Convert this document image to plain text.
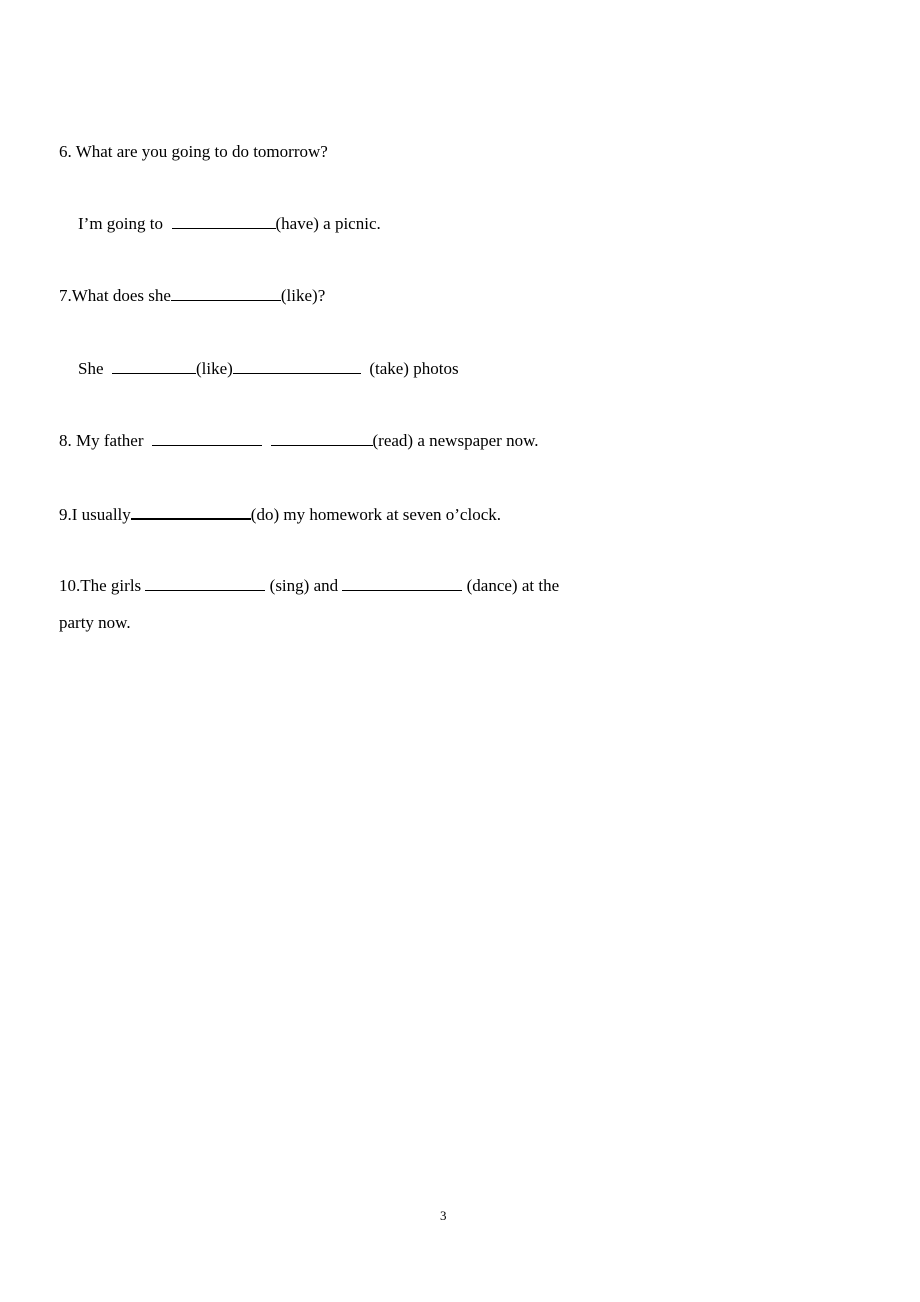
6. What are you going to do tomorrow?

I’m going to	(have) a picnic.

7.What does she	(like)?

She	(like)	(take) photos

8. My father	(read) a newspaper now.

9.I usually	(do) my homework at seven o’clock.

10.The girls	(sing) and	(dance) at the

party now.

3
